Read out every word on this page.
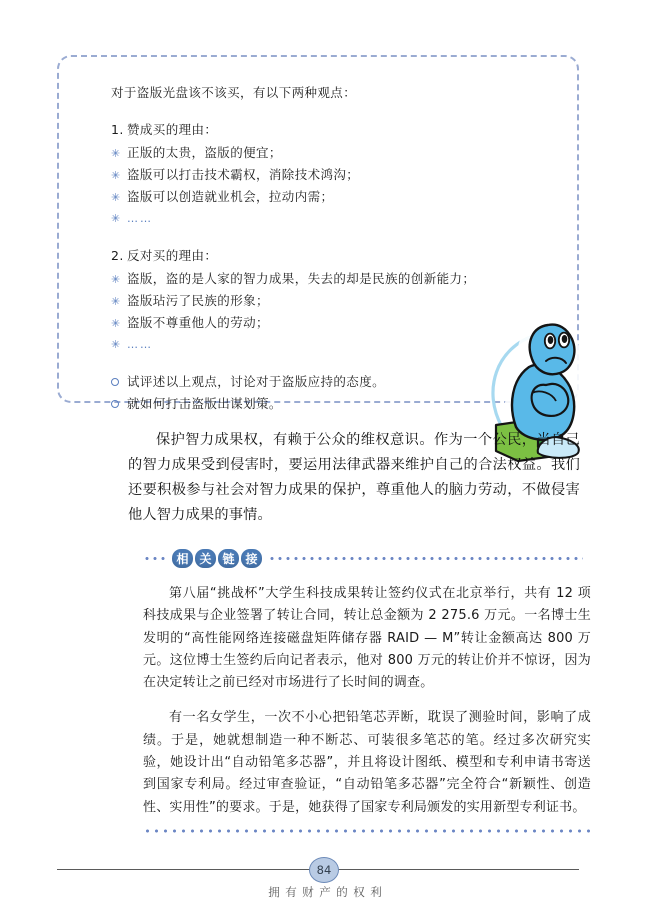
对于盗版光盘该不该买，有以下两种观点：
1. 赞成买的理由：
✳ 正版的太贵，盗版的便宜；
✳ 盗版可以打击技术霸权，消除技术鸿沟；
✳ 盗版可以创造就业机会，拉动内需；
✳ ……
2. 反对买的理由：
✳ 盗版，盗的是人家的智力成果，失去的却是民族的创新能力；
✳ 盗版玷污了民族的形象；
✳ 盗版不尊重他人的劳动；
✳ ……
试评述以上观点，讨论对于盗版应持的态度。
就如何打击盗版出谋划策。
保护智力成果权，有赖于公众的维权意识。作为一个公民，当自己的智力成果受到侵害时，要运用法律武器来维护自己的合法权益。我们还要积极参与社会对智力成果的保护，尊重他人的脑力劳动，不做侵害他人智力成果的事情。
相 关 链 接

第八届“挑战杯”大学生科技成果转让签约仪式在北京举行，共有 12 项科技成果与企业签署了转让合同，转让总金额为 2 275.6 万元。一名博士生发明的“高性能网络连接磁盘矩阵储存器 RAID — M”转让金额高达 800 万元。这位博士生签约后向记者表示，他对 800 万元的转让价并不惊讶，因为在决定转让之前已经对市场进行了长时间的调查。

有一名女学生，一次不小心把铅笔芯弄断，耽误了测验时间，影响了成绩。于是，她就想制造一种不断芯、可装很多笔芯的笔。经过多次研究实验，她设计出“自动铅笔多芯器”，并且将设计图纸、模型和专利申请书寄送到国家专利局。经过审查验证，“自动铅笔多芯器”完全符合“新颖性、创造性、实用性”的要求。于是，她获得了国家专利局颁发的实用新型专利证书。

84
拥有财产的权利
